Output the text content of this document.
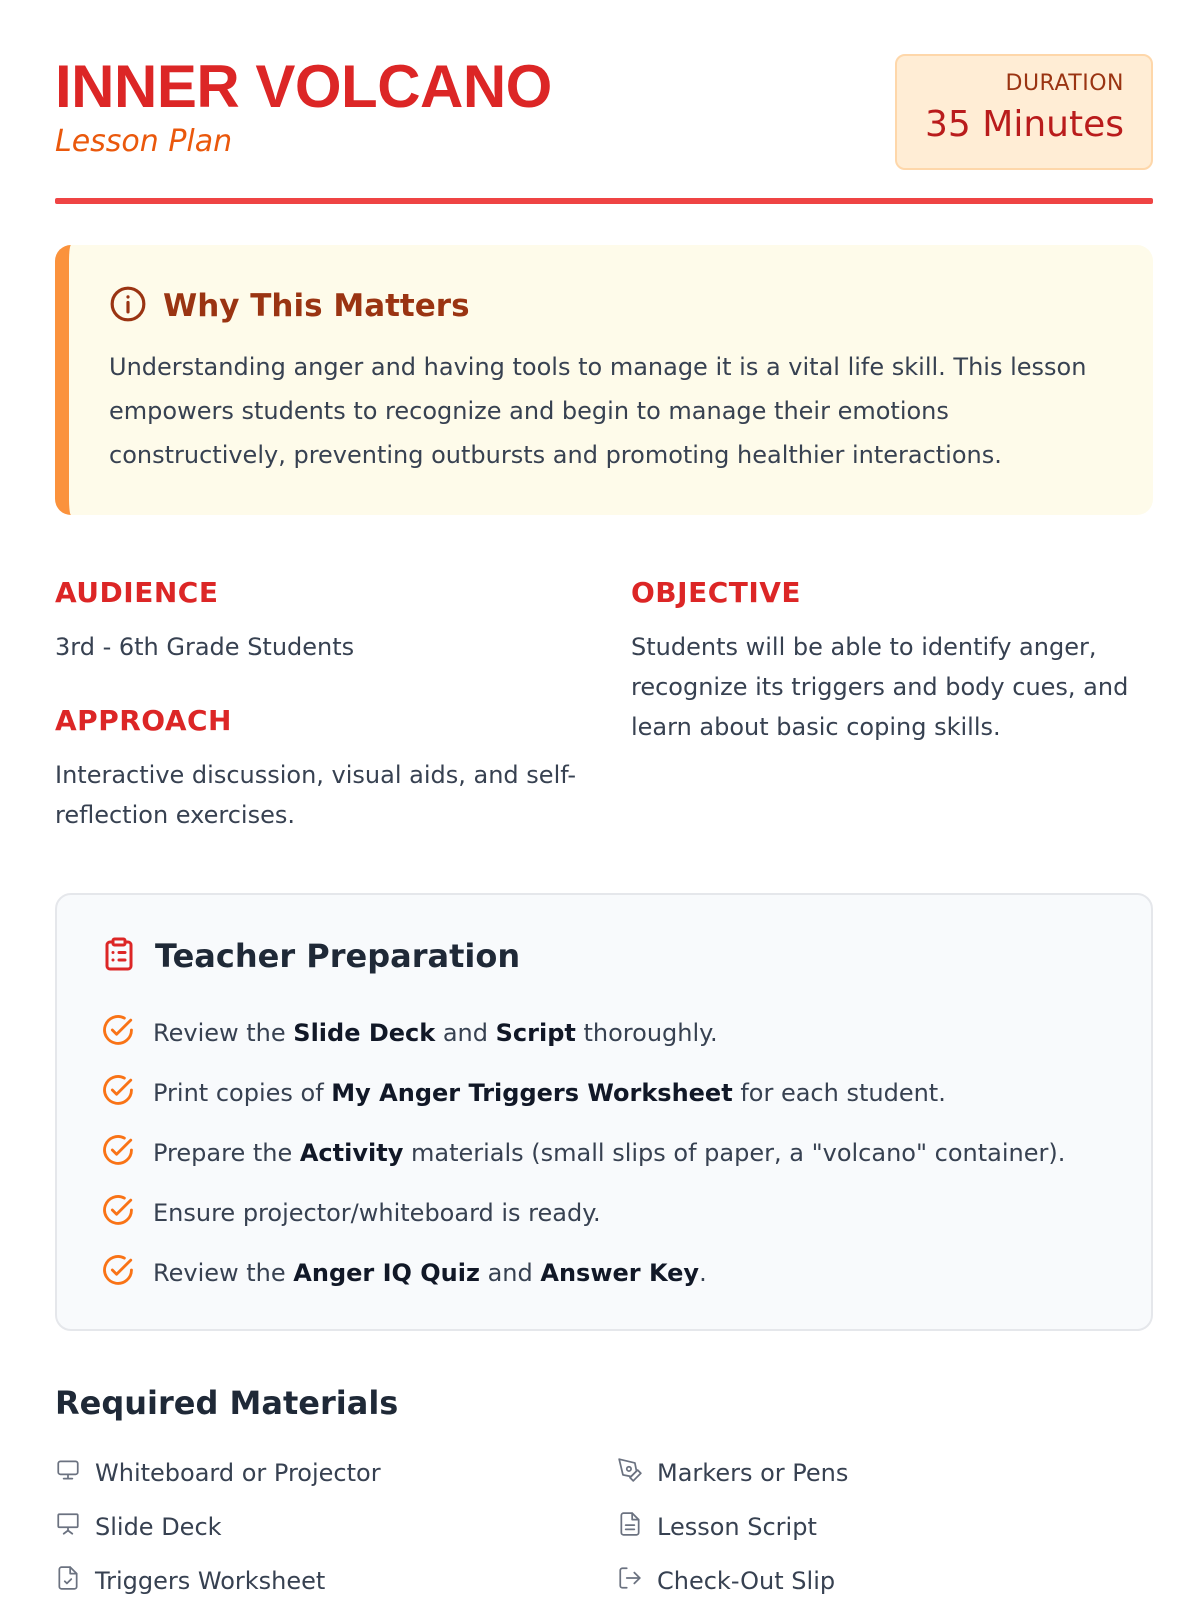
INNER VOLCANO
Lesson Plan
DURATION
35 Minutes
Why This Matters

Understanding anger and having tools to manage it is a vital life skill. This lesson empowers students to recognize and begin to manage their emotions constructively, preventing outbursts and promoting healthier interactions.

AUDIENCE
3rd - 6th Grade Students
APPROACH
Interactive discussion, visual aids, and self-reflection exercises.
OBJECTIVE
Students will be able to identify anger, recognize its triggers and body cues, and learn about basic coping skills.
Teacher Preparation
Review the Slide Deck and Script thoroughly.
Print copies of My Anger Triggers Worksheet for each student.
Prepare the Activity materials (small slips of paper, a "volcano" container).
Ensure projector/whiteboard is ready.
Review the Anger IQ Quiz and Answer Key.
Required Materials
Whiteboard or Projector	Markers or Pens
Slide Deck	Lesson Script
Triggers Worksheet	Check-Out Slip
